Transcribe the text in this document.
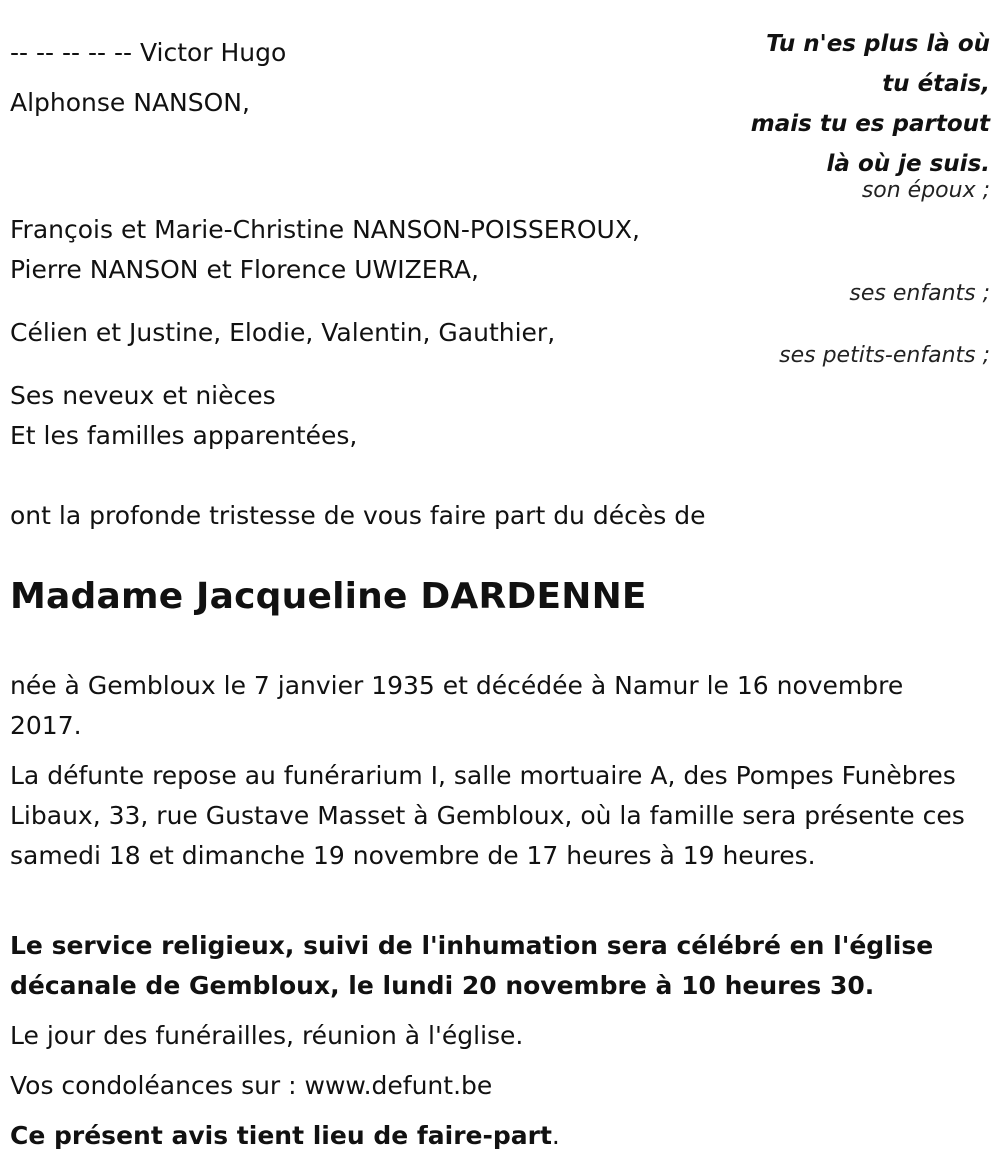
Tu n'es plus là où
tu étais,
mais tu es partout
là où je suis.
-- -- -- -- -- Victor Hugo
Alphonse NANSON,
son époux ;
François et Marie-Christine NANSON-POISSEROUX,
Pierre NANSON et Florence UWIZERA,
ses enfants ;
Célien et Justine, Elodie, Valentin, Gauthier,
ses petits-enfants ;
Ses neveux et nièces
Et les familles apparentées,
ont la profonde tristesse de vous faire part du décès de
Madame Jacqueline DARDENNE
née à Gembloux le 7 janvier 1935 et décédée à Namur le 16 novembre 2017.
La défunte repose au funérarium I, salle mortuaire A, des Pompes Funèbres Libaux, 33, rue Gustave Masset à Gembloux, où la famille sera présente ces samedi 18 et dimanche 19 novembre de 17 heures à 19 heures.
Le service religieux, suivi de l'inhumation sera célébré en l'église décanale de Gembloux, le lundi 20 novembre à 10 heures 30.
Le jour des funérailles, réunion à l'église.
Vos condoléances sur : www.defunt.be
Ce présent avis tient lieu de faire-part.
